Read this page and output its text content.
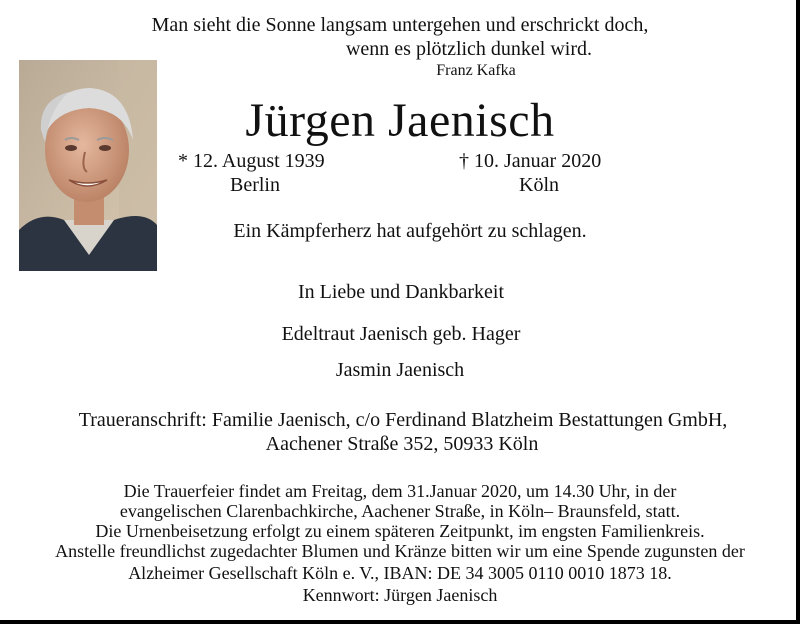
Man sieht die Sonne langsam untergehen und erschrickt doch,
wenn es plötzlich dunkel wird.
Franz Kafka
Jürgen Jaenisch
* 12. August 1939
Berlin
† 10. Januar 2020
Köln
Ein Kämpferherz hat aufgehört zu schlagen.
In Liebe und Dankbarkeit
Edeltraut Jaenisch geb. Hager
Jasmin Jaenisch
Traueranschrift: Familie Jaenisch, c/o Ferdinand Blatzheim Bestattungen GmbH,
Aachener Straße 352, 50933 Köln
Die Trauerfeier findet am Freitag, dem 31.Januar 2020, um 14.30 Uhr, in der
evangelischen Clarenbachkirche, Aachener Straße, in Köln– Braunsfeld, statt.
Die Urnenbeisetzung erfolgt zu einem späteren Zeitpunkt, im engsten Familienkreis.
Anstelle freundlichst zugedachter Blumen und Kränze bitten wir um eine Spende zugunsten der
Alzheimer Gesellschaft Köln e. V., IBAN: DE 34 3005 0110 0010 1873 18.
Kennwort: Jürgen Jaenisch
